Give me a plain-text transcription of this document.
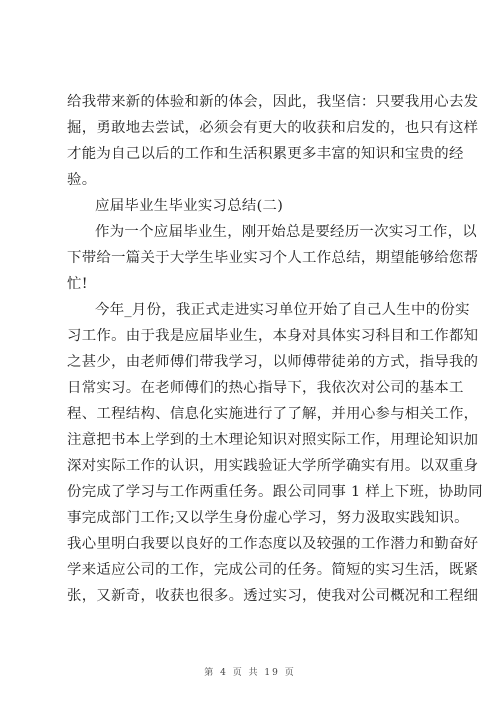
给我带来新的体验和新的体会，因此，我坚信：只要我用心去发
掘，勇敢地去尝试，必须会有更大的收获和启发的，也只有这样
才能为自己以后的工作和生活积累更多丰富的知识和宝贵的经
验。
应届毕业生毕业实习总结(二)
作为一个应届毕业生，刚开始总是要经历一次实习工作，以
下带给一篇关于大学生毕业实习个人工作总结，期望能够给您帮
忙!
今年_月份，我正式走进实习单位开始了自己人生中的份实
习工作。由于我是应届毕业生，本身对具体实习科目和工作都知
之甚少，由老师傅们带我学习，以师傅带徒弟的方式，指导我的
日常实习。在老师傅们的热心指导下，我依次对公司的基本工
程、工程结构、信息化实施进行了了解，并用心参与相关工作，
注意把书本上学到的土木理论知识对照实际工作，用理论知识加
深对实际工作的认识，用实践验证大学所学确实有用。以双重身
份完成了学习与工作两重任务。跟公司同事 1 样上下班，协助同
事完成部门工作;又以学生身份虚心学习，努力汲取实践知识。
我心里明白我要以良好的工作态度以及较强的工作潜力和勤奋好
学来适应公司的工作，完成公司的任务。简短的实习生活，既紧
张，又新奇，收获也很多。透过实习，使我对公司概况和工程细
第 4 页 共 19 页
